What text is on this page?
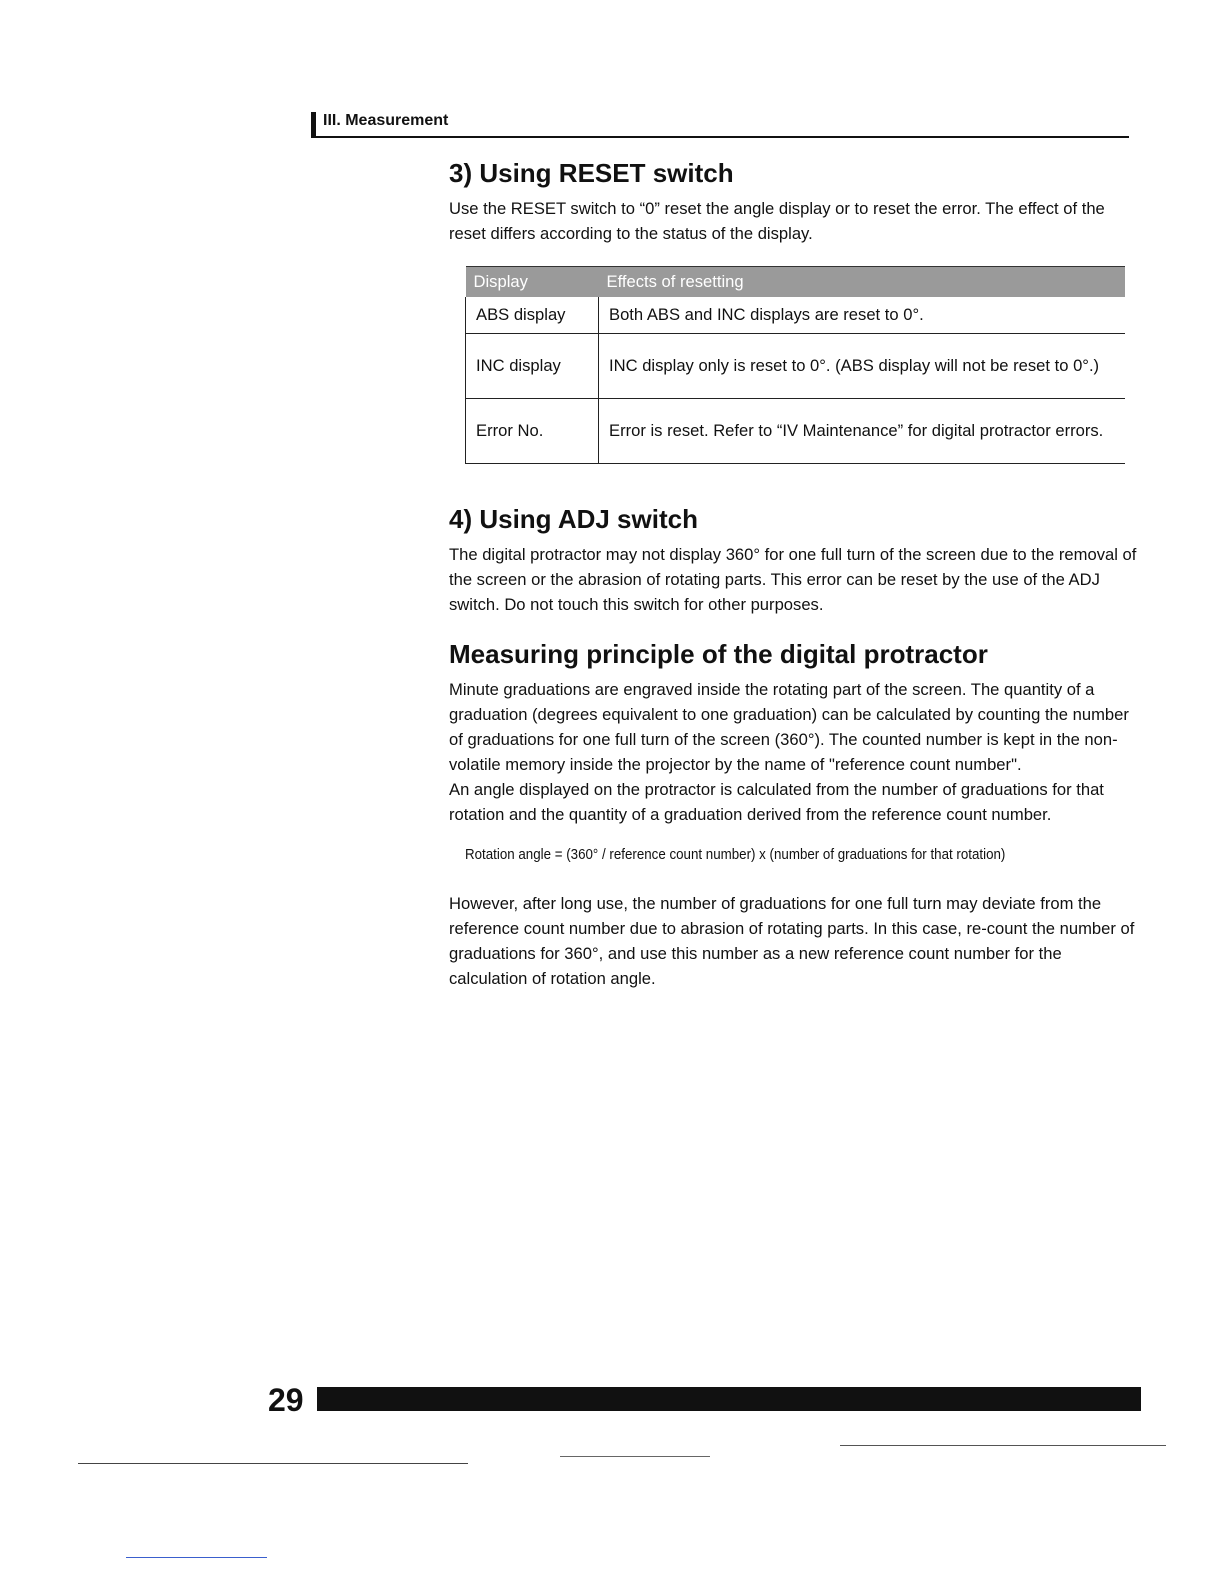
III. Measurement
3) Using RESET switch

Use the RESET switch to “0” reset the angle display or to reset the error. The effect of the reset differs according to the status of the display.

Display	Effects of resetting
ABS display	Both ABS and INC displays are reset to 0°.
INC display	INC display only is reset to 0°. (ABS display will not be reset to 0°.)
Error No.	Error is reset. Refer to “IV Maintenance” for digital protractor errors.
4) Using ADJ switch

The digital protractor may not display 360° for one full turn of the screen due to the removal of the screen or the abrasion of rotating parts. This error can be reset by the use of the ADJ switch. Do not touch this switch for other purposes.

Measuring principle of the digital protractor

Minute graduations are engraved inside the rotating part of the screen. The quantity of a graduation (degrees equivalent to one graduation) can be calculated by counting the number of graduations for one full turn of the screen (360°). The counted number is kept in the non-volatile memory inside the projector by the name of "reference count number".

An angle displayed on the protractor is calculated from the number of graduations for that rotation and the quantity of a graduation derived from the reference count number.

Rotation angle = (360° / reference count number) x (number of graduations for that rotation)

However, after long use, the number of graduations for one full turn may deviate from the reference count number due to abrasion of rotating parts. In this case, re-count the number of graduations for 360°, and use this number as a new reference count number for the calculation of rotation angle.

29
